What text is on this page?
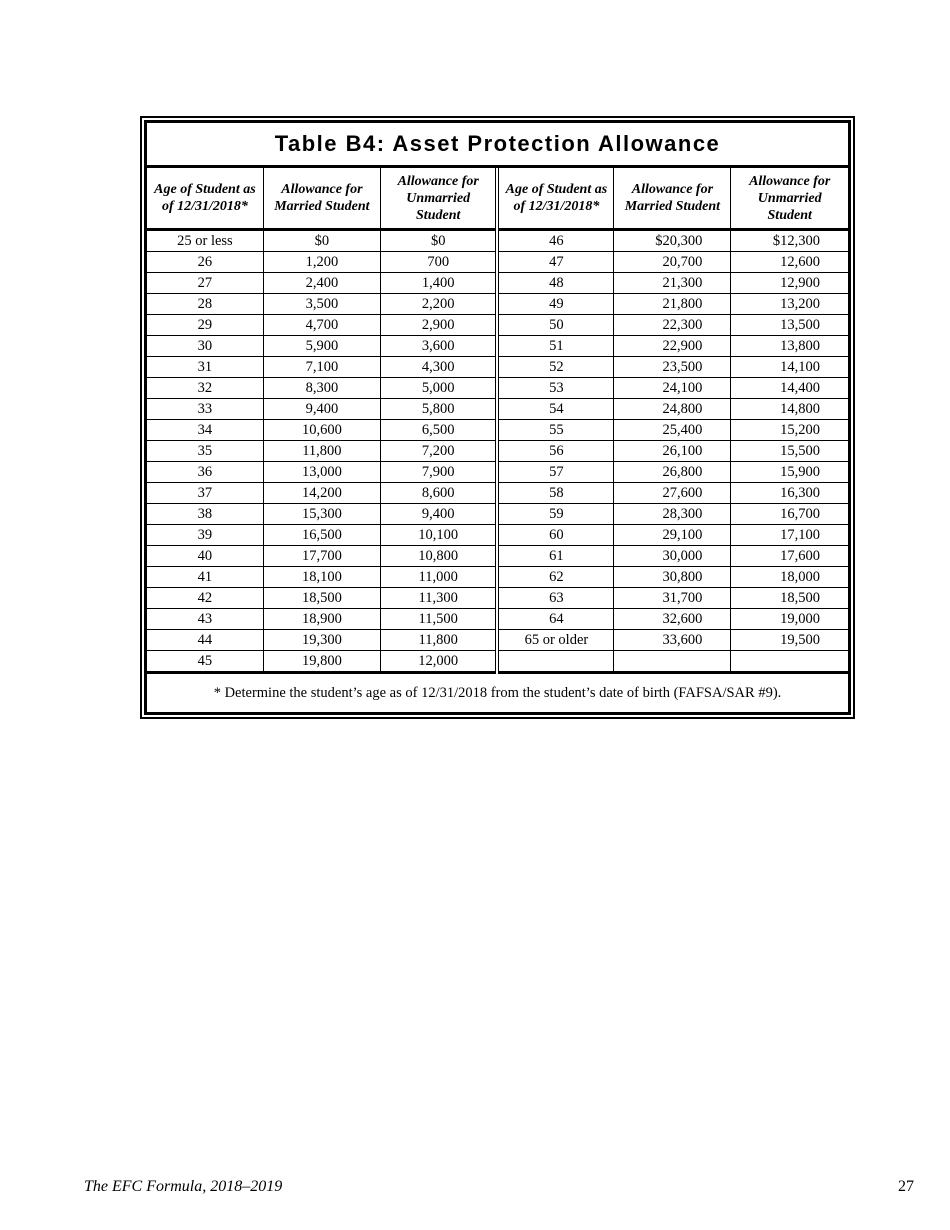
Table B4: Asset Protection Allowance
Age of Student as of 12/31/2018*	Allowance for Married Student	Allowance for Unmarried Student	Age of Student as of 12/31/2018*	Allowance for Married Student	Allowance for Unmarried Student
25 or less	$0	$0	46	$20,300	$12,300
26	1,200	700	47	20,700	12,600
27	2,400	1,400	48	21,300	12,900
28	3,500	2,200	49	21,800	13,200
29	4,700	2,900	50	22,300	13,500
30	5,900	3,600	51	22,900	13,800
31	7,100	4,300	52	23,500	14,100
32	8,300	5,000	53	24,100	14,400
33	9,400	5,800	54	24,800	14,800
34	10,600	6,500	55	25,400	15,200
35	11,800	7,200	56	26,100	15,500
36	13,000	7,900	57	26,800	15,900
37	14,200	8,600	58	27,600	16,300
38	15,300	9,400	59	28,300	16,700
39	16,500	10,100	60	29,100	17,100
40	17,700	10,800	61	30,000	17,600
41	18,100	11,000	62	30,800	18,000
42	18,500	11,300	63	31,700	18,500
43	18,900	11,500	64	32,600	19,000
44	19,300	11,800	65 or older	33,600	19,500
45	19,800	12,000			
* Determine the student’s age as of 12/31/2018 from the student’s date of birth (FAFSA/SAR #9).
The EFC Formula, 2018–2019	27
